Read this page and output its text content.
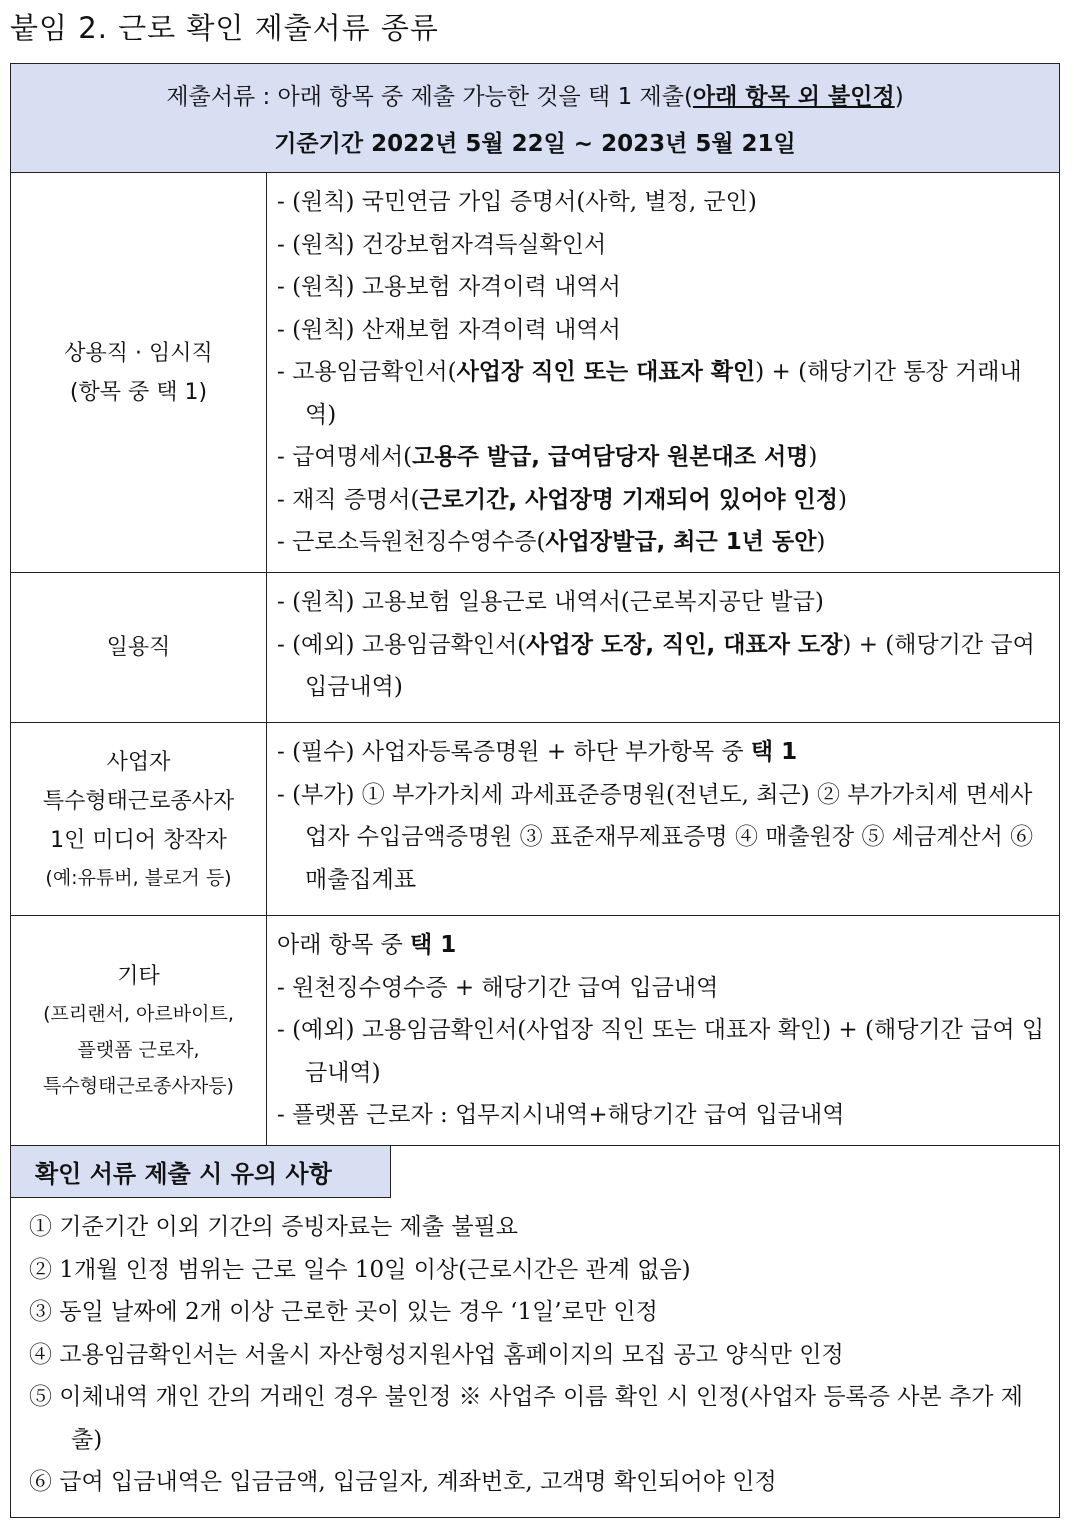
붙임 2. 근로 확인 제출서류 종류
제출서류 : 아래 항목 중 제출 가능한 것을 택 1 제출(아래 항목 외 불인정)
기준기간 2022년 5월 22일 ~ 2023년 5월 21일
상용직 · 임시직
(항목 중 택 1)
- (원칙) 국민연금 가입 증명서(사학, 별정, 군인)
- (원칙) 건강보험자격득실확인서
- (원칙) 고용보험 자격이력 내역서
- (원칙) 산재보험 자격이력 내역서
- 고용임금확인서(사업장 직인 또는 대표자 확인) + (해당기간 통장 거래내역)
- 급여명세서(고용주 발급, 급여담당자 원본대조 서명)
- 재직 증명서(근로기간, 사업장명 기재되어 있어야 인정)
- 근로소득원천징수영수증(사업장발급, 최근 1년 동안)
일용직
- (원칙) 고용보험 일용근로 내역서(근로복지공단 발급)
- (예외) 고용임금확인서(사업장 도장, 직인, 대표자 도장) + (해당기간 급여 입금내역)
사업자
특수형태근로종사자
1인 미디어 창작자
(예:유튜버, 블로거 등)
- (필수) 사업자등록증명원 + 하단 부가항목 중 택 1
- (부가) ① 부가가치세 과세표준증명원(전년도, 최근) ② 부가가치세 면세사업자 수입금액증명원 ③ 표준재무제표증명 ④ 매출원장 ⑤ 세금계산서 ⑥ 매출집계표
기타
(프리랜서, 아르바이트,
플랫폼 근로자,
특수형태근로종사자등)
아래 항목 중 택 1
- 원천징수영수증 + 해당기간 급여 입금내역
- (예외) 고용임금확인서(사업장 직인 또는 대표자 확인) + (해당기간 급여 입금내역)
- 플랫폼 근로자 : 업무지시내역+해당기간 급여 입금내역
확인 서류 제출 시 유의 사항
① 기준기간 이외 기간의 증빙자료는 제출 불필요
② 1개월 인정 범위는 근로 일수 10일 이상(근로시간은 관계 없음)
③ 동일 날짜에 2개 이상 근로한 곳이 있는 경우 ‘1일’로만 인정
④ 고용임금확인서는 서울시 자산형성지원사업 홈페이지의 모집 공고 양식만 인정
⑤ 이체내역 개인 간의 거래인 경우 불인정 ※ 사업주 이름 확인 시 인정(사업자 등록증 사본 추가 제출)
⑥ 급여 입금내역은 입금금액, 입금일자, 계좌번호, 고객명 확인되어야 인정
